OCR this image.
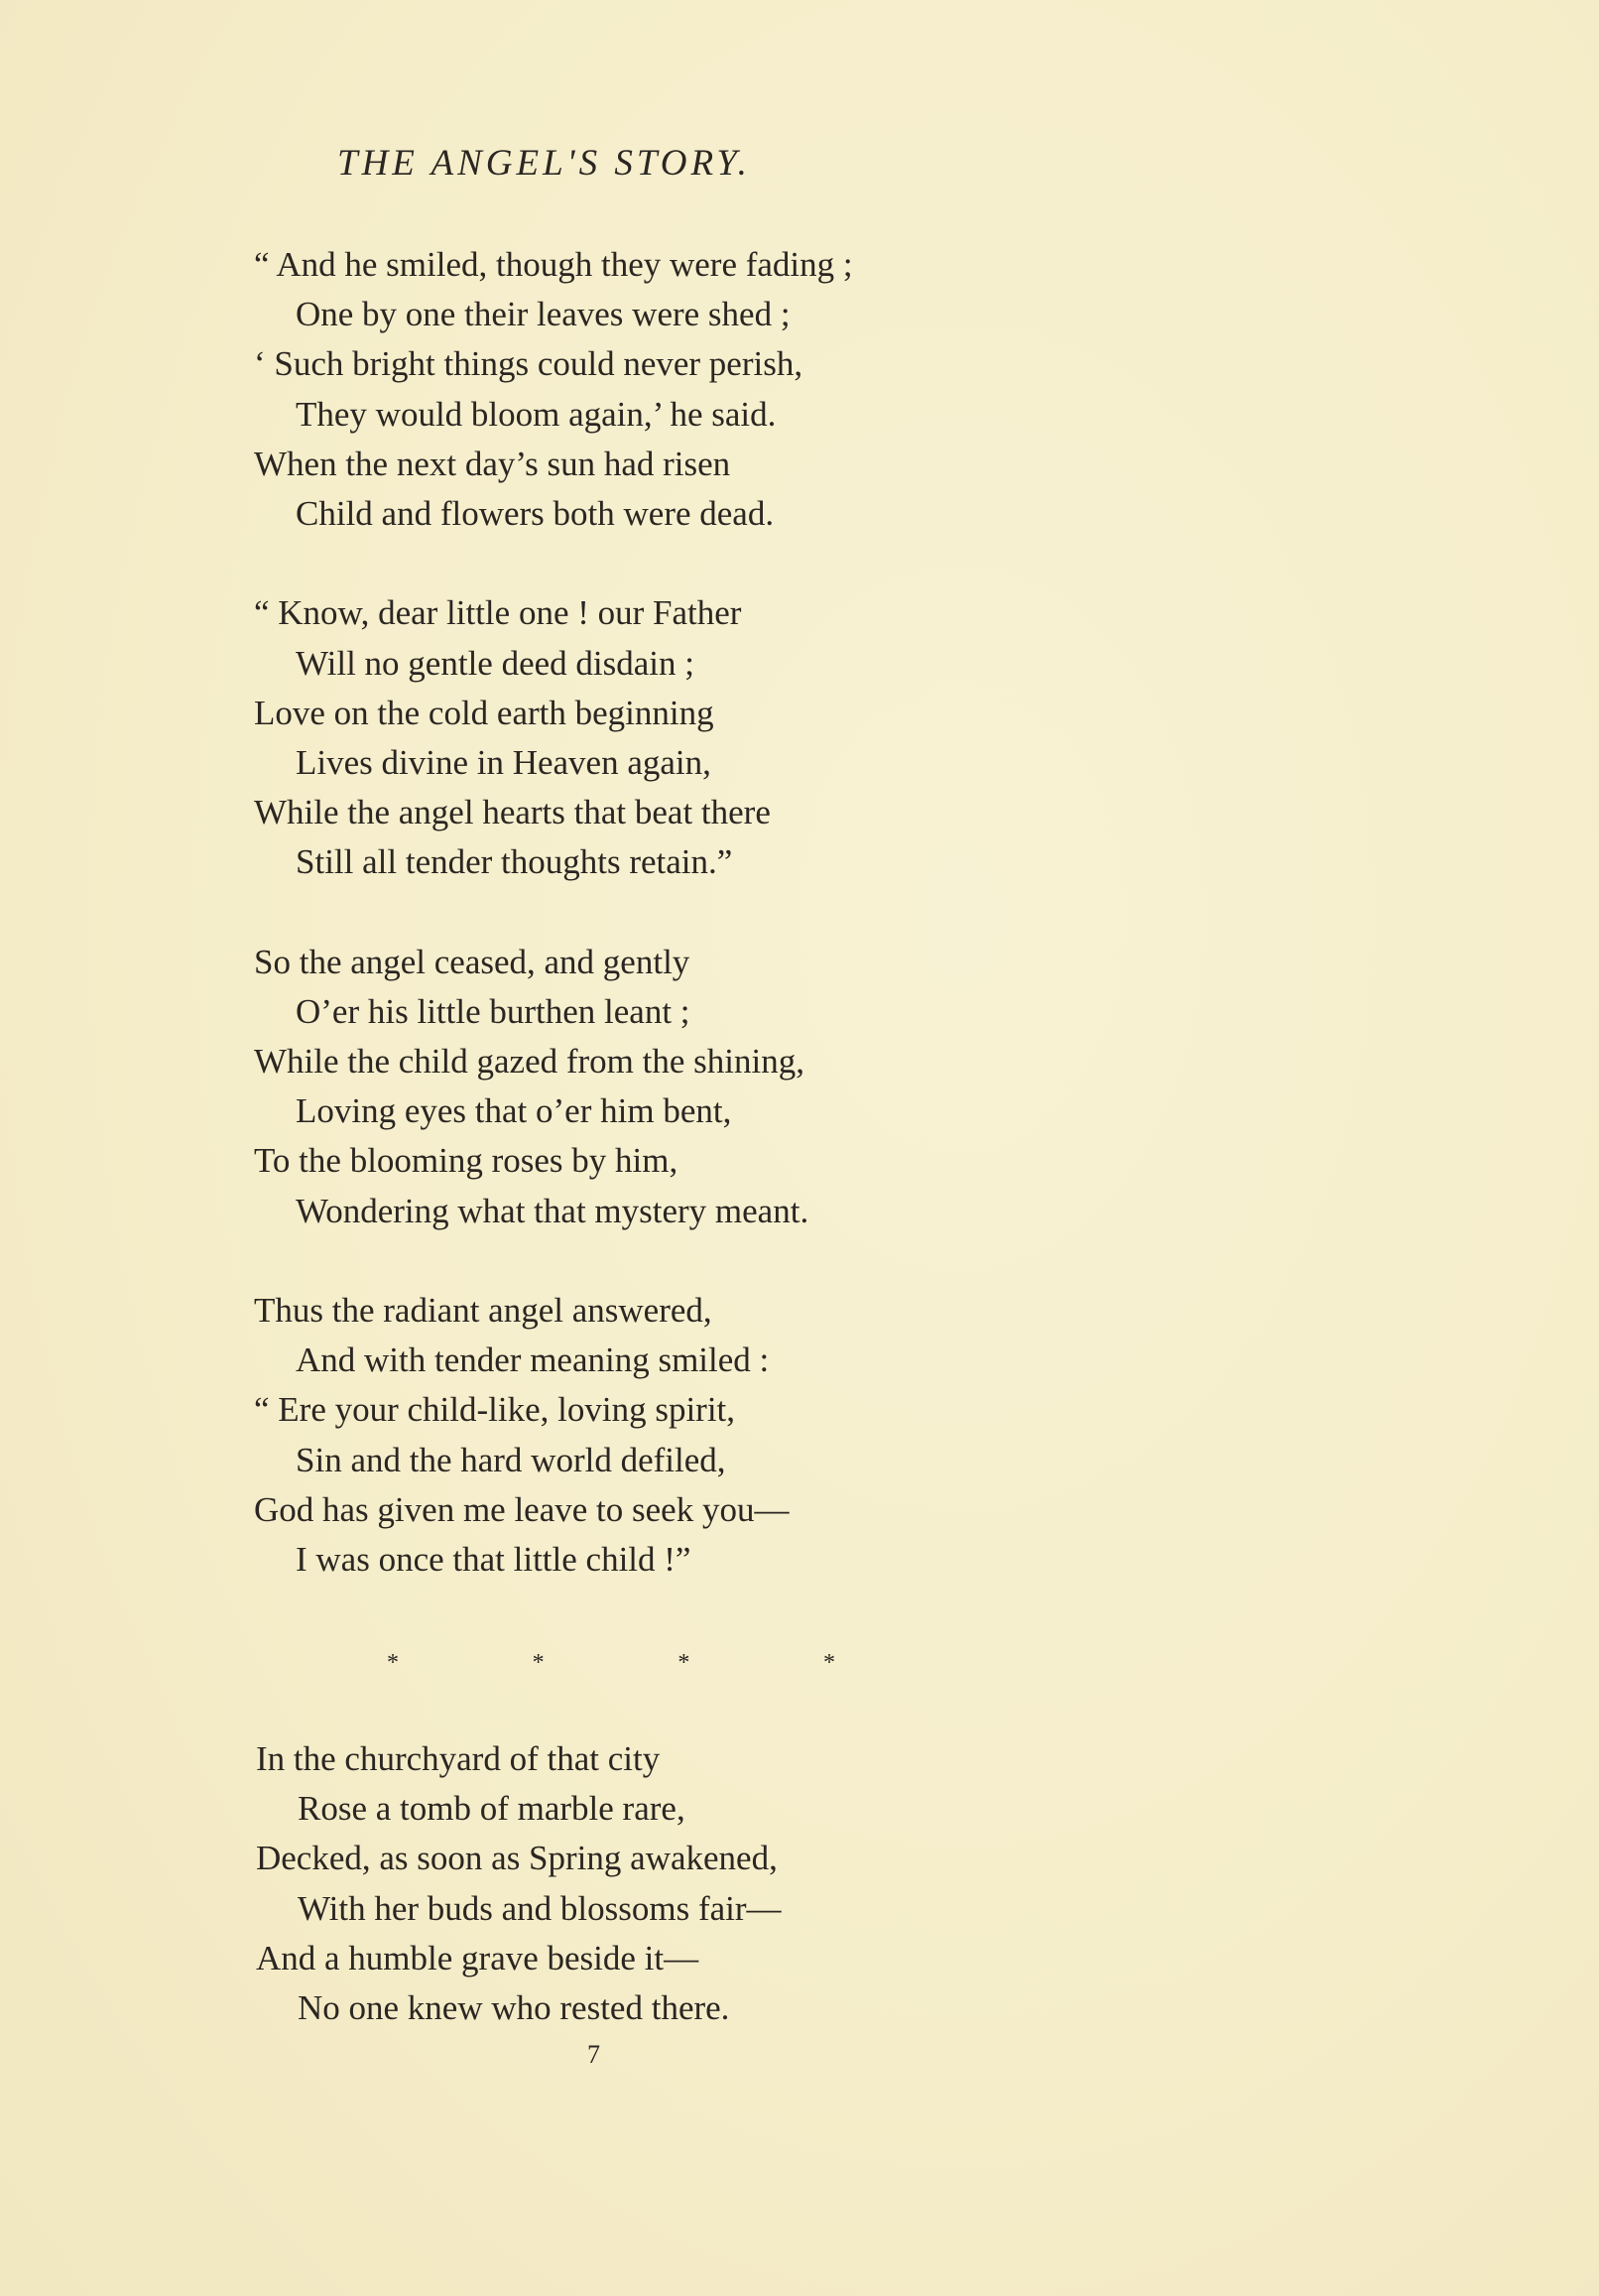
THE ANGEL'S STORY.
“ And he smiled, though they were fading ;
One by one their leaves were shed ;
‘ Such bright things could never perish,
They would bloom again,’ he said.
When the next day’s sun had risen
Child and flowers both were dead.
“ Know, dear little one ! our Father
Will no gentle deed disdain ;
Love on the cold earth beginning
Lives divine in Heaven again,
While the angel hearts that beat there
Still all tender thoughts retain.”
So the angel ceased, and gently
O’er his little burthen leant ;
While the child gazed from the shining,
Loving eyes that o’er him bent,
To the blooming roses by him,
Wondering what that mystery meant.
Thus the radiant angel answered,
And with tender meaning smiled :
“ Ere your child-like, loving spirit,
Sin and the hard world defiled,
God has given me leave to seek you—
I was once that little child !”
*	*	*	*
In the churchyard of that city
Rose a tomb of marble rare,
Decked, as soon as Spring awakened,
With her buds and blossoms fair—
And a humble grave beside it—
No one knew who rested there.
7
